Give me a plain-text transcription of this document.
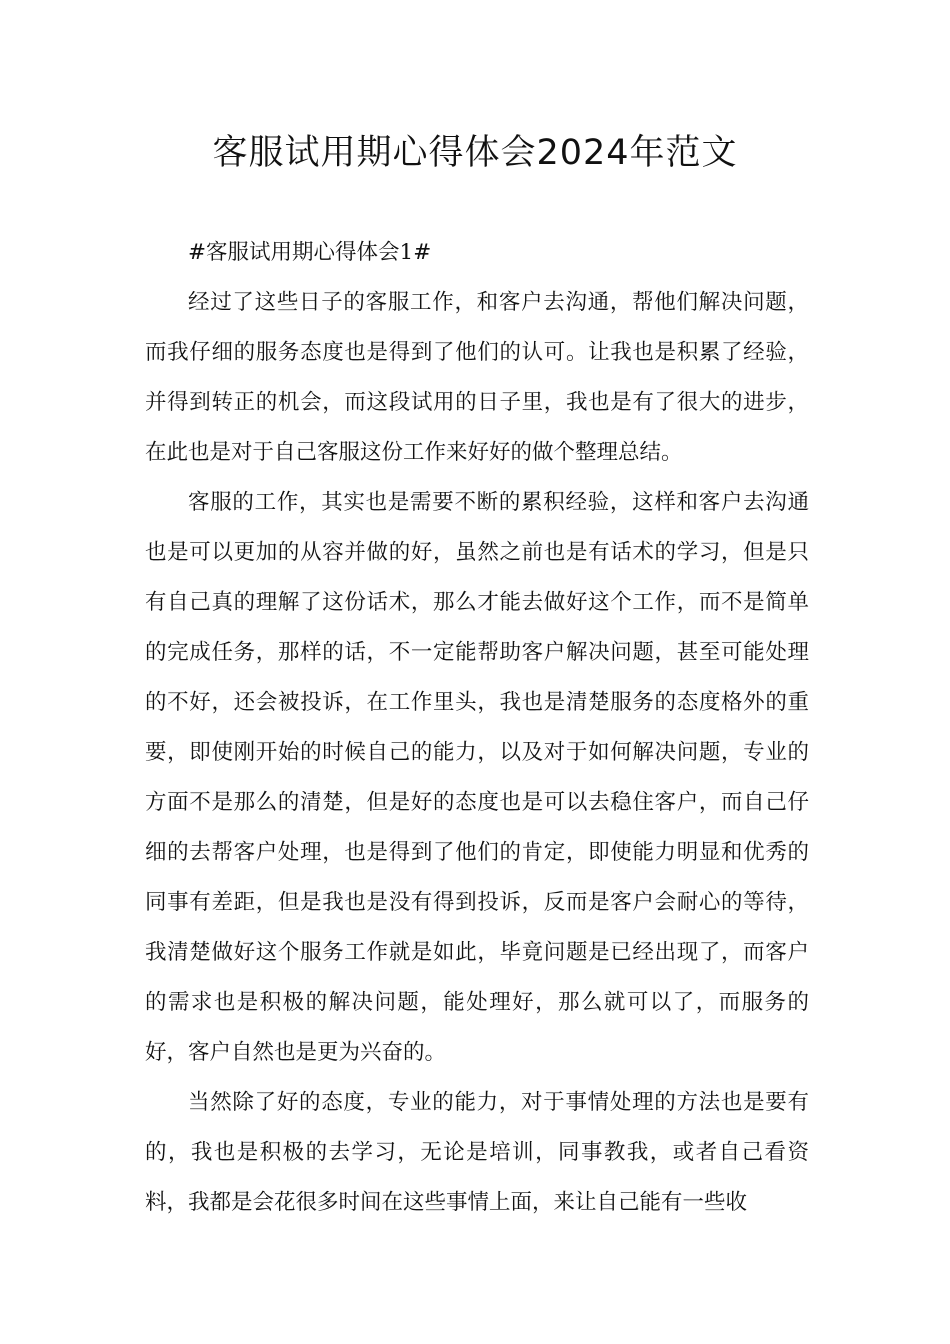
客服试用期心得体会2024年范文

#客服试用期心得体会1#

经过了这些日子的客服工作，和客户去沟通，帮他们解决问题，而我仔细的服务态度也是得到了他们的认可。让我也是积累了经验，并得到转正的机会，而这段试用的日子里，我也是有了很大的进步，在此也是对于自己客服这份工作来好好的做个整理总结。

客服的工作，其实也是需要不断的累积经验，这样和客户去沟通也是可以更加的从容并做的好，虽然之前也是有话术的学习，但是只有自己真的理解了这份话术，那么才能去做好这个工作，而不是简单的完成任务，那样的话，不一定能帮助客户解决问题，甚至可能处理的不好，还会被投诉，在工作里头，我也是清楚服务的态度格外的重要，即使刚开始的时候自己的能力，以及对于如何解决问题，专业的方面不是那么的清楚，但是好的态度也是可以去稳住客户，而自己仔细的去帮客户处理，也是得到了他们的肯定，即使能力明显和优秀的同事有差距，但是我也是没有得到投诉，反而是客户会耐心的等待，我清楚做好这个服务工作就是如此，毕竟问题是已经出现了，而客户的需求也是积极的解决问题，能处理好，那么就可以了，而服务的好，客户自然也是更为兴奋的。

当然除了好的态度，专业的能力，对于事情处理的方法也是要有的，我也是积极的去学习，无论是培训，同事教我，或者自己看资料，我都是会花很多时间在这些事情上面，来让自己能有一些收
